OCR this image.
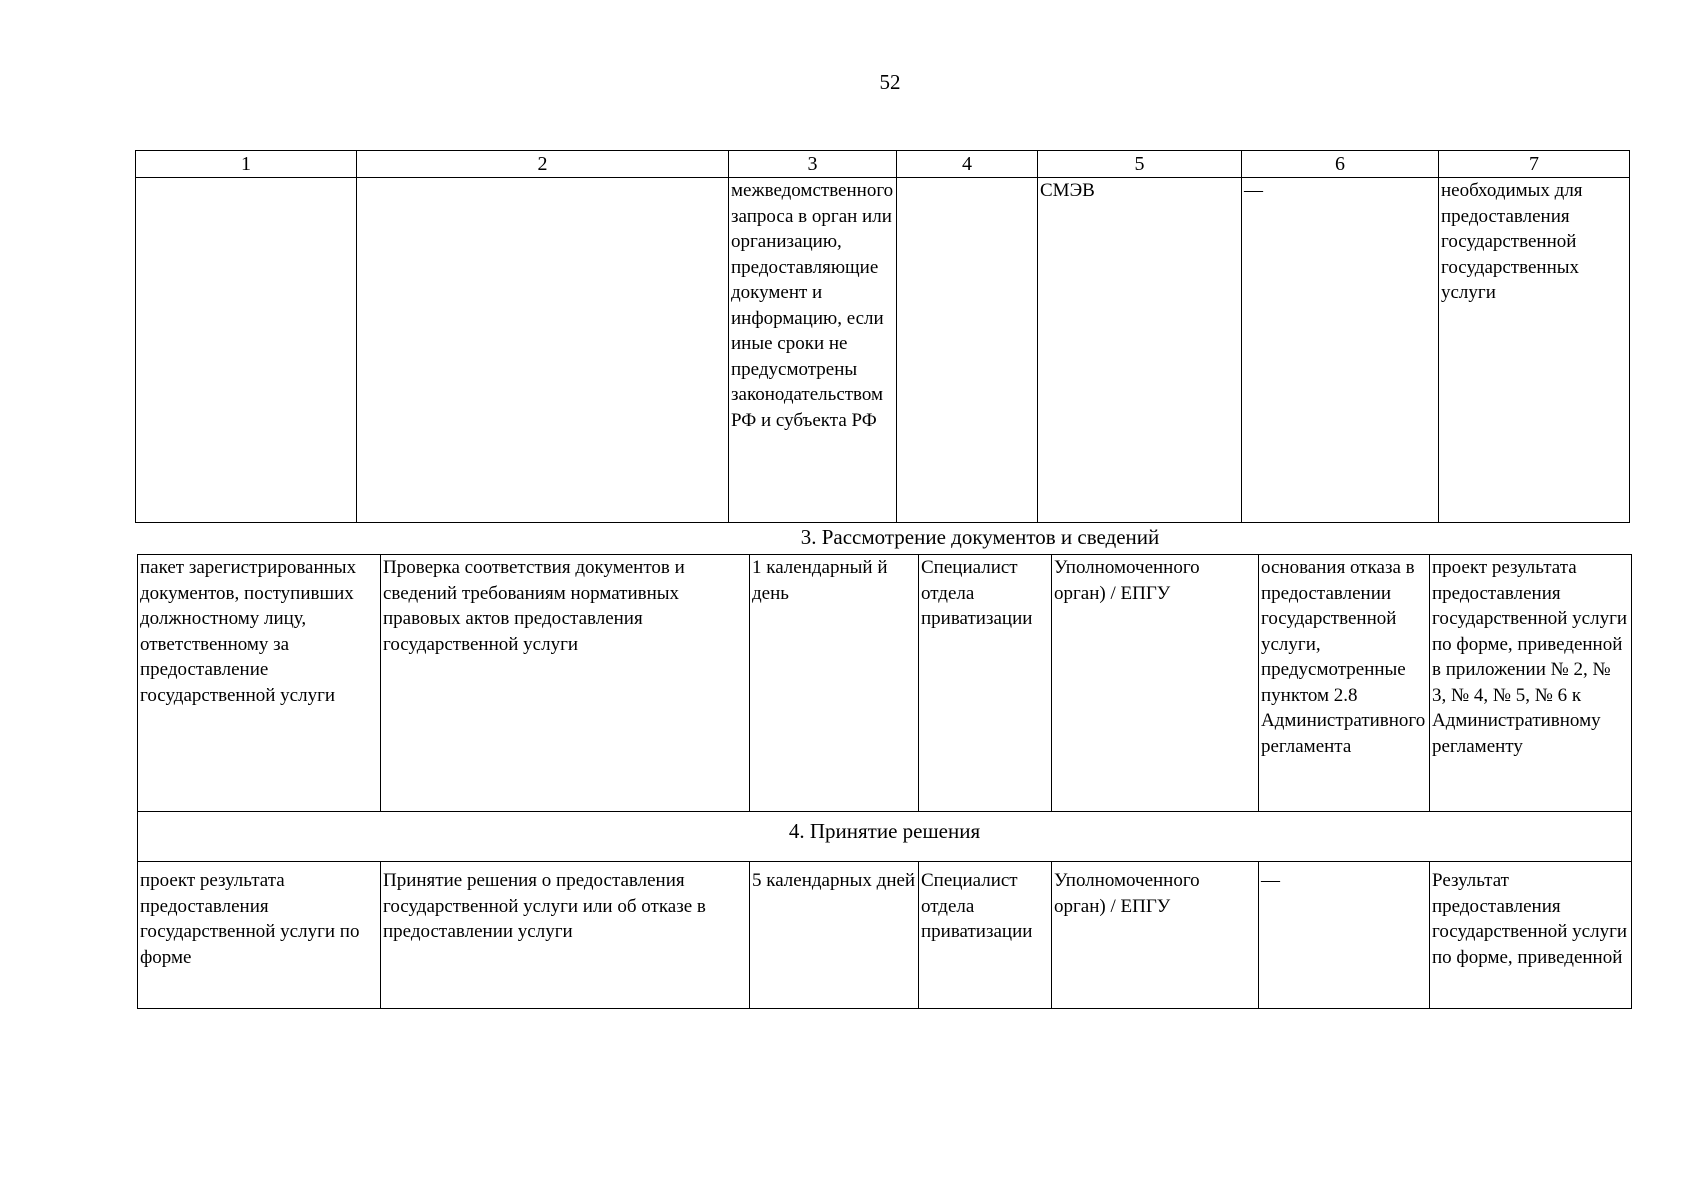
52
1	2	3	4	5	6	7
		межведомственного запроса в орган или организацию, предоставляющие документ и информацию, если иные сроки не предусмотрены законодательством РФ и субъекта РФ		СМЭВ	—	необходимых для предоставления государственной государственных услуги
3. Рассмотрение документов и сведений
пакет зарегистрированных документов, поступивших должностному лицу, ответственному за предоставление государственной услуги	Проверка соответствия документов и сведений требованиям нормативных правовых актов предоставления государственной услуги	1 календарный й день	Специалист отдела приватизации	Уполномоченного орган) / ЕПГУ	основания отказа в предоставлении государственной услуги, предусмотренные пунктом 2.8 Административного регламента	проект результата предоставления государственной услуги по форме, приведенной в приложении № 2, № 3, № 4, № 5, № 6 к Административному регламенту
4. Принятие решения						
проект результата предоставления государственной услуги по форме	Принятие решения о предоставления государственной услуги или об отказе в предоставлении услуги	5 календарных дней	Специалист отдела приватизации	Уполномоченного орган) / ЕПГУ	—	Результат предоставления государственной услуги по форме, приведенной
